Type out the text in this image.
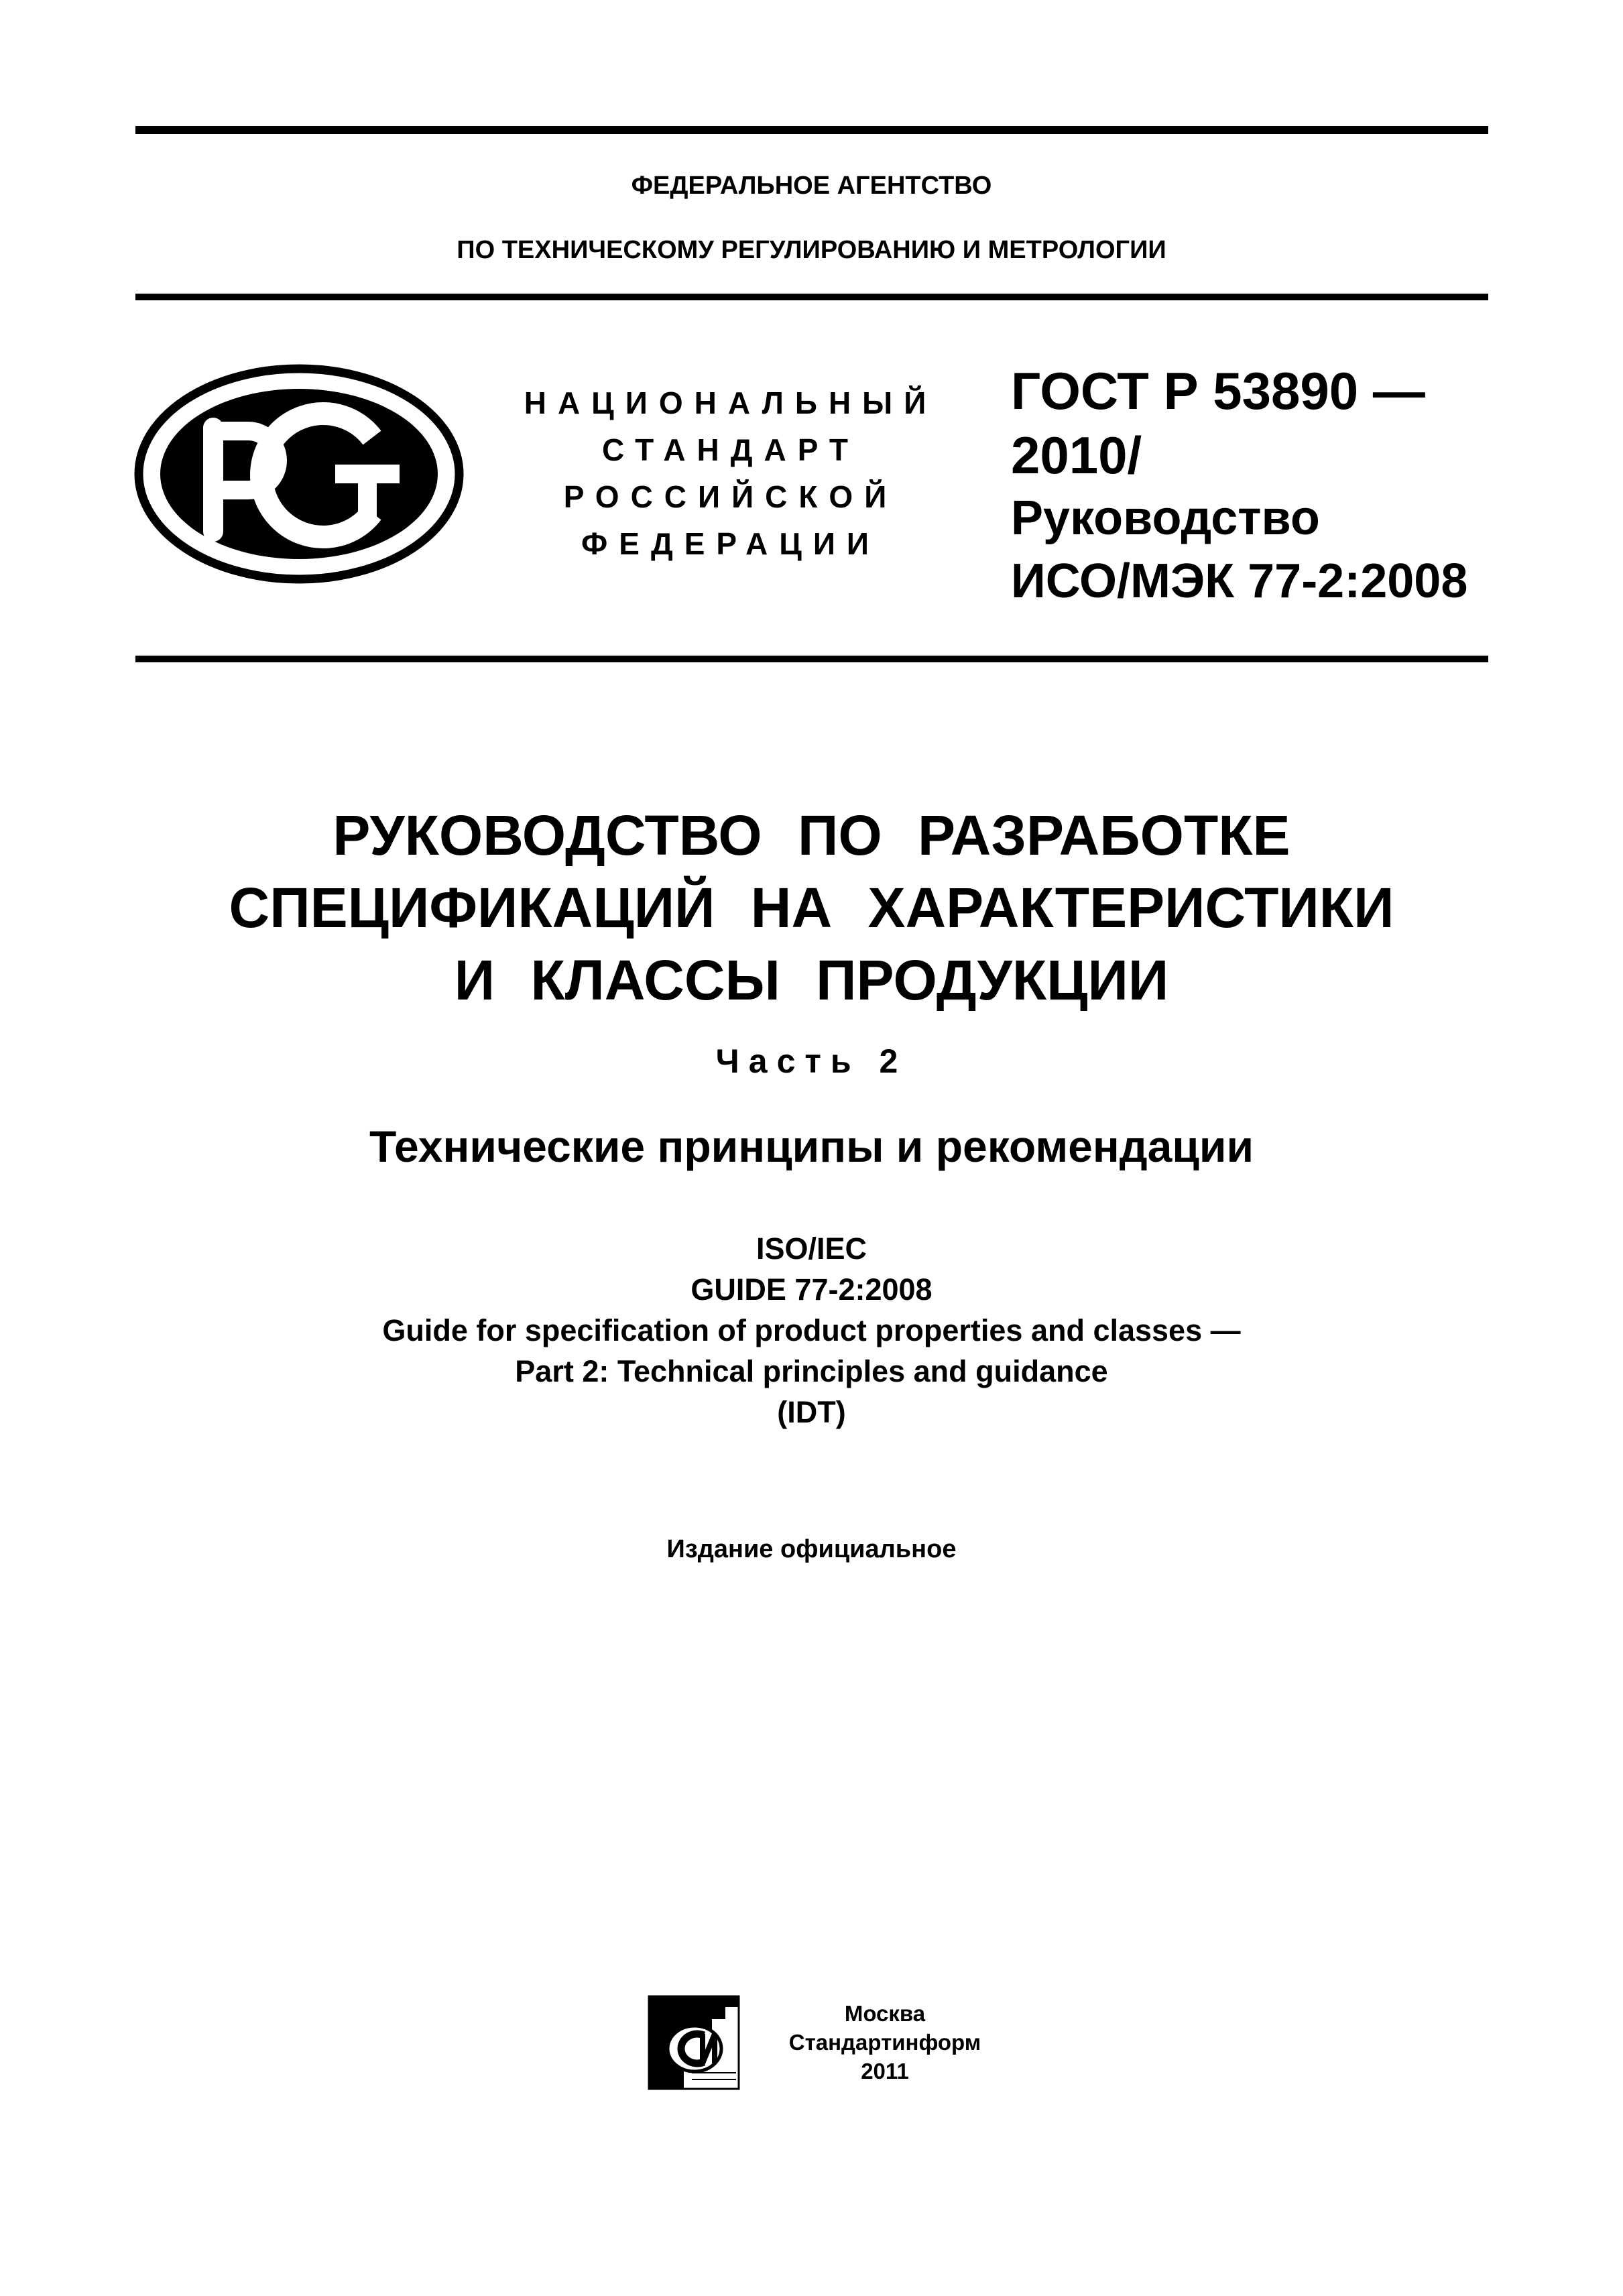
ФЕДЕРАЛЬНОЕ АГЕНТСТВО
ПО ТЕХНИЧЕСКОМУ РЕГУЛИРОВАНИЮ И МЕТРОЛОГИИ
НАЦИОНАЛЬНЫЙ
СТАНДАРТ
РОССИЙСКОЙ
ФЕДЕРАЦИИ
ГОСТ Р 53890 —
2010/
Руководство
ИСО/МЭК 77-2:2008
РУКОВОДСТВО ПО РАЗРАБОТКЕ
СПЕЦИФИКАЦИЙ НА ХАРАКТЕРИСТИКИ
И КЛАССЫ ПРОДУКЦИИ
Часть 2
Технические принципы и рекомендации
ISO/IEC
GUIDE 77-2:2008
Guide for specification of product properties and classes —
Part 2: Technical principles and guidance
(IDT)
Издание официальное
Москва
Стандартинформ
2011
